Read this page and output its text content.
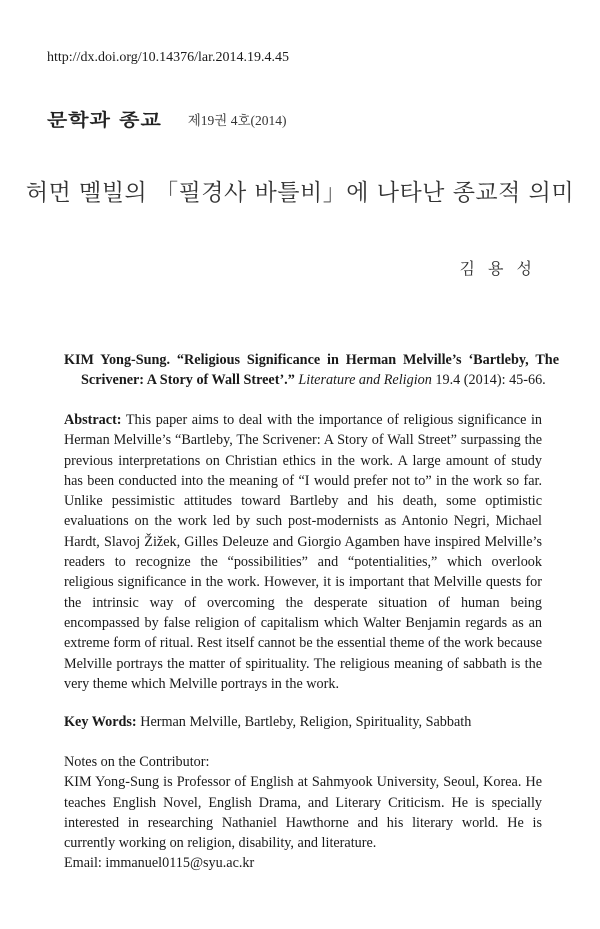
http://dx.doi.org/10.14376/lar.2014.19.4.45
문학과 종교 제19권 4호(2014)
허먼 멜빌의 「필경사 바틀비」에 나타난 종교적 의미
김 용 성
KIM Yong-Sung. “Religious Significance in Herman Melville’s ‘Bartleby, The Scrivener: A Story of Wall Street’.” Literature and Religion 19.4 (2014): 45-66.
Abstract: This paper aims to deal with the importance of religious significance in Herman Melville’s “Bartleby, The Scrivener: A Story of Wall Street” surpassing the previous interpretations on Christian ethics in the work. A large amount of study has been conducted into the meaning of “I would prefer not to” in the work so far. Unlike pessimistic attitudes toward Bartleby and his death, some optimistic evaluations on the work led by such post-modernists as Antonio Negri, Michael Hardt, Slavoj Žižek, Gilles Deleuze and Giorgio Agamben have inspired Melville’s readers to recognize the “possibilities” and “potentialities,” which overlook religious significance in the work. However, it is important that Melville quests for the intrinsic way of overcoming the desperate situation of human being encompassed by false religion of capitalism which Walter Benjamin regards as an extreme form of ritual. Rest itself cannot be the essential theme of the work because Melville portrays the matter of spirituality. The religious meaning of sabbath is the very theme which Melville portrays in the work.
Key Words: Herman Melville, Bartleby, Religion, Spirituality, Sabbath
Notes on the Contributor:
KIM Yong-Sung is Professor of English at Sahmyook University, Seoul, Korea. He teaches English Novel, English Drama, and Literary Criticism. He is specially interested in researching Nathaniel Hawthorne and his literary world. He is currently working on religion, disability, and literature.
Email: immanuel0115@syu.ac.kr
